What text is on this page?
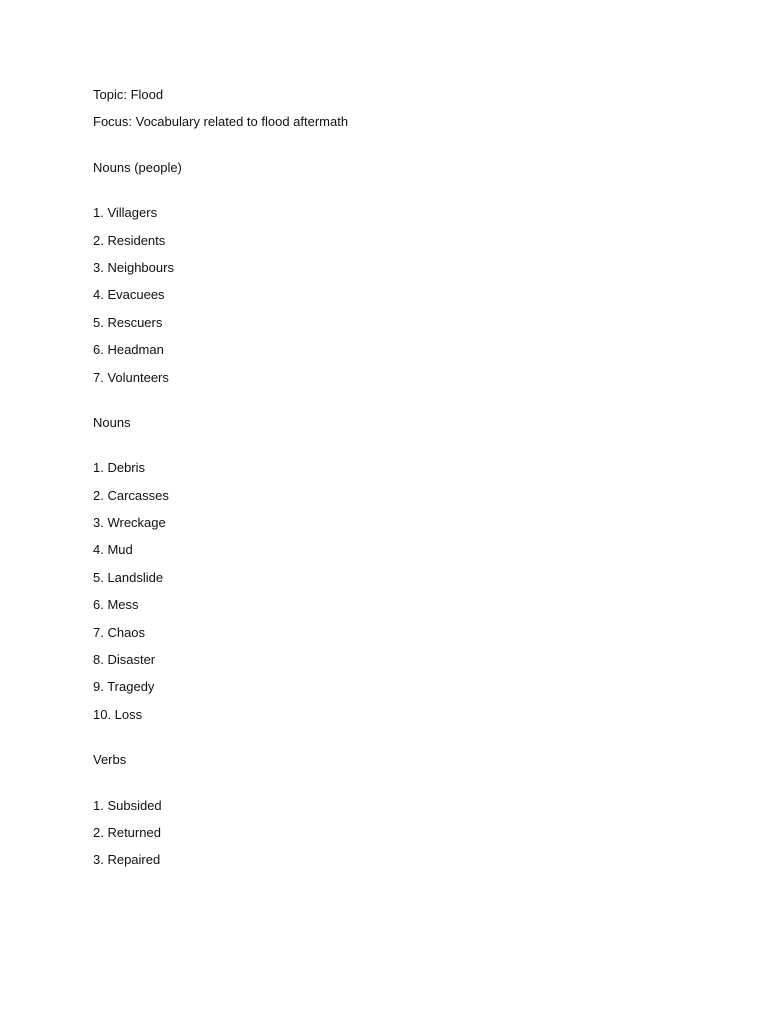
Topic: Flood

Focus: Vocabulary related to flood aftermath

Nouns (people)

1. Villagers

2. Residents

3. Neighbours

4. Evacuees

5. Rescuers

6. Headman

7. Volunteers

Nouns

1. Debris

2. Carcasses

3. Wreckage

4. Mud

5. Landslide

6. Mess

7. Chaos

8. Disaster

9. Tragedy

10. Loss

Verbs

1. Subsided

2. Returned

3. Repaired
